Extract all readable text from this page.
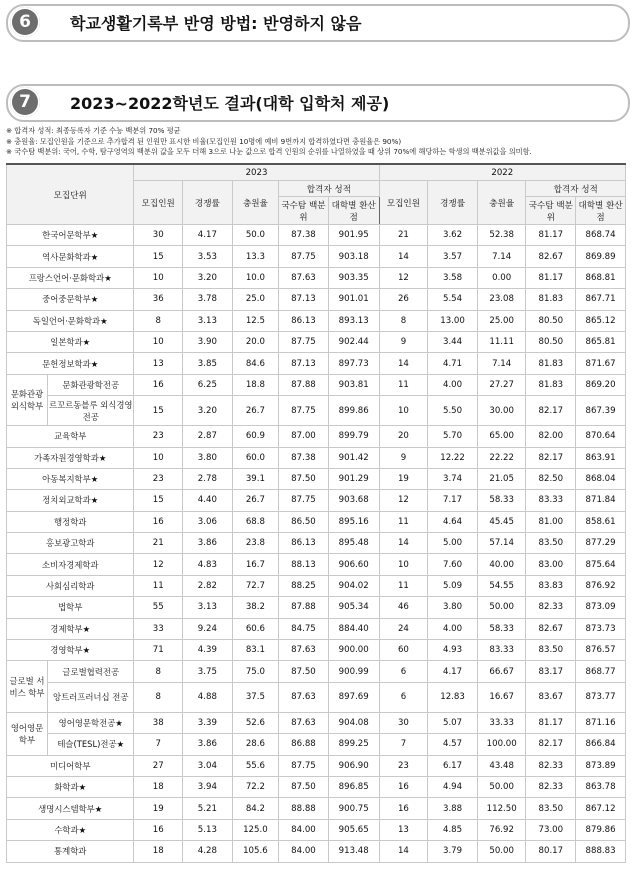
6	학교생활기록부 반영 방법: 반영하지 않음
7	2023~2022학년도 결과(대학 입학처 제공)
※ 합격자 성적: 최종등록자 기준 수능 백분위 70% 평균
※ 충원율: 모집인원을 기준으로 추가합격 된 인원만 표시한 비율(모집인원 10명에 예비 9번까지 합격하였다면 충원율은 90%)
※ 국수탐 백분위: 국어, 수학, 탐구영역의 백분위 값을 모두 더해 3으로 나눈 값으로 합격 인원의 순위를 나열하였을 때 상위 70%에 해당하는 학생의 백분위값을 의미함.
모집단위		2023					2022				
		모집인원	경쟁률	충원율	합격자 성적		모집인원	경쟁률	충원율	합격자 성적	
					국수탐 백분위	대학별 환산점				국수탐 백분위	대학별 환산점
한국어문학부★		30	4.17	50.0	87.38	901.95	21	3.62	52.38	81.17	868.74
역사문화학과★		15	3.53	13.3	87.75	903.18	14	3.57	7.14	82.67	869.89
프랑스언어·문화학과★		10	3.20	10.0	87.63	903.35	12	3.58	0.00	81.17	868.81
중어중문학부★		36	3.78	25.0	87.13	901.01	26	5.54	23.08	81.83	867.71
독일언어·문화학과★		8	3.13	12.5	86.13	893.13	8	13.00	25.00	80.50	865.12
일본학과★		10	3.90	20.0	87.75	902.44	9	3.44	11.11	80.50	865.81
문헌정보학과★		13	3.85	84.6	87.13	897.73	14	4.71	7.14	81.83	871.67
문화관광 외식학부	문화관광학전공	16	6.25	18.8	87.88	903.81	11	4.00	27.27	81.83	869.20
	르꼬르동블루 외식경영전공	15	3.20	26.7	87.75	899.86	10	5.50	30.00	82.17	867.39
교육학부		23	2.87	60.9	87.00	899.79	20	5.70	65.00	82.00	870.64
가족자원경영학과★		10	3.80	60.0	87.38	901.42	9	12.22	22.22	82.17	863.91
아동복지학부★		23	2.78	39.1	87.50	901.29	19	3.74	21.05	82.50	868.04
정치외교학과★		15	4.40	26.7	87.75	903.68	12	7.17	58.33	83.33	871.84
행정학과		16	3.06	68.8	86.50	895.16	11	4.64	45.45	81.00	858.61
홍보광고학과		21	3.86	23.8	86.13	895.48	14	5.00	57.14	83.50	877.29
소비자경제학과		12	4.83	16.7	88.13	906.60	10	7.60	40.00	83.00	875.64
사회심리학과		11	2.82	72.7	88.25	904.02	11	5.09	54.55	83.83	876.92
법학부		55	3.13	38.2	87.88	905.34	46	3.80	50.00	82.33	873.09
경제학부★		33	9.24	60.6	84.75	884.40	24	4.00	58.33	82.67	873.73
경영학부★		71	4.39	83.1	87.63	900.00	60	4.93	83.33	83.50	876.57
글로벌 서비스 학부	글로벌협력전공	8	3.75	75.0	87.50	900.99	6	4.17	66.67	83.17	868.77
	앙트러프러너십 전공	8	4.88	37.5	87.63	897.69	6	12.83	16.67	83.67	873.77
영어영문 학부	영어영문학전공★	38	3.39	52.6	87.63	904.08	30	5.07	33.33	81.17	871.16
	테슬(TESL)전공★	7	3.86	28.6	86.88	899.25	7	4.57	100.00	82.17	866.84
미디어학부		27	3.04	55.6	87.75	906.90	23	6.17	43.48	82.33	873.89
화학과★		18	3.94	72.2	87.50	896.85	16	4.94	50.00	82.33	863.78
생명시스템학부★		19	5.21	84.2	88.88	900.75	16	3.88	112.50	83.50	867.12
수학과★		16	5.13	125.0	84.00	905.65	13	4.85	76.92	73.00	879.86
통계학과		18	4.28	105.6	84.00	913.48	14	3.79	50.00	80.17	888.83
